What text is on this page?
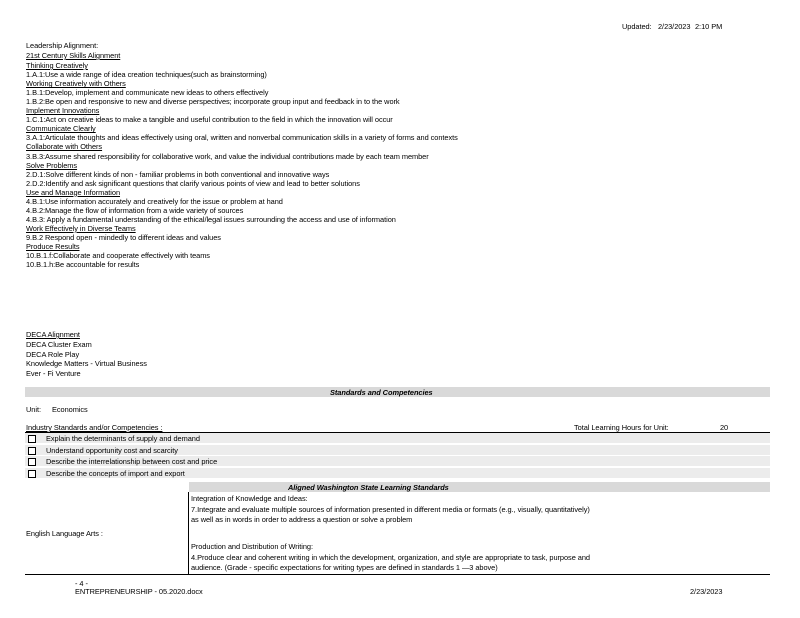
Updated: 2/23/2023 2:10 PM
Leadership Alignment:
21st Century Skills Alignment
Thinking Creatively
1.A.1:Use a wide range of idea creation techniques(such as brainstorming)
Working Creatively with Others
1.B.1:Develop, implement and communicate new ideas to others effectively
1.B.2:Be open and responsive to new and diverse perspectives; incorporate group input and feedback in to the work
Implement Innovations
1.C.1:Act on creative ideas to make a tangible and useful contribution to the field in which the innovation will occur
Communicate Clearly
3.A.1:Articulate thoughts and ideas effectively using oral, written and nonverbal communication skills in a variety of forms and contexts
Collaborate with Others
3.B.3:Assume shared responsibility for collaborative work, and value the individual contributions made by each team member
Solve Problems
2.D.1:Solve different kinds of non - familiar problems in both conventional and innovative ways
2.D.2:Identify and ask significant questions that clarify various points of view and lead to better solutions
Use and Manage Information
4.B.1:Use information accurately and creatively for the issue or problem at hand
4.B.2:Manage the flow of information from a wide variety of sources
4.B.3: Apply a fundamental understanding of the ethical/legal issues surrounding the access and use of information
Work Effectively in Diverse Teams
9.B.2 Respond open - mindedly to different ideas and values
Produce Results
10.B.1.f:Collaborate and cooperate effectively with teams
10.B.1.h:Be accountable for results
DECA Alignment
DECA Cluster Exam
DECA Role Play
Knowledge Matters - Virtual Business
Ever - Fi Venture
Standards and Competencies
Unit: Economics
Industry Standards and/or Competencies :	Total Learning Hours for Unit:	20
Explain the determinants of supply and demand
Understand opportunity cost and scarcity
Describe the interrelationship between cost and price
Describe the concepts of import and export
Aligned Washington State Learning Standards
English Language Arts :
Integration of Knowledge and Ideas:
7.Integrate and evaluate multiple sources of information presented in different media or formats (e.g., visually, quantitatively)
as well as in words in order to address a question or solve a problem
Production and Distribution of Writing:
4.Produce clear and coherent writing in which the development, organization, and style are appropriate to task, purpose and
audience. (Grade - specific expectations for writing types are defined in standards 1 —3 above)
- 4 -
ENTREPRENEURSHIP - 05.2020.docx	2/23/2023
